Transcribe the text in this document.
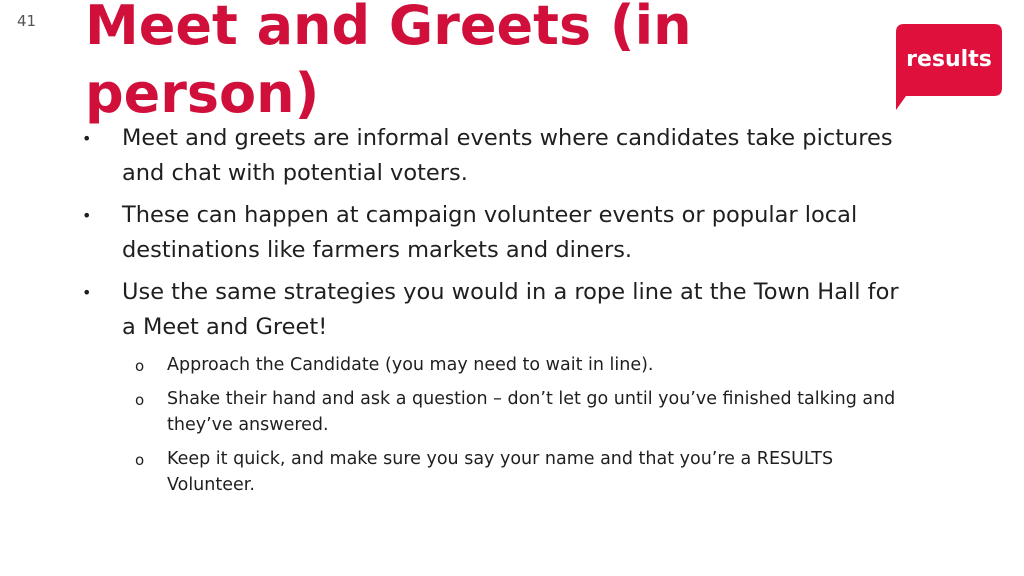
41 Meet and Greets (in person)
results
• Meet and greets are informal events where candidates take pictures and chat with potential voters.
• These can happen at campaign volunteer events or popular local destinations like farmers markets and diners.
• Use the same strategies you would in a rope line at the Town Hall for a Meet and Greet!
o Approach the Candidate (you may need to wait in line).
o Shake their hand and ask a question – don’t let go until you’ve finished talking and they’ve answered.
o Keep it quick, and make sure you say your name and that you’re a RESULTS Volunteer.
